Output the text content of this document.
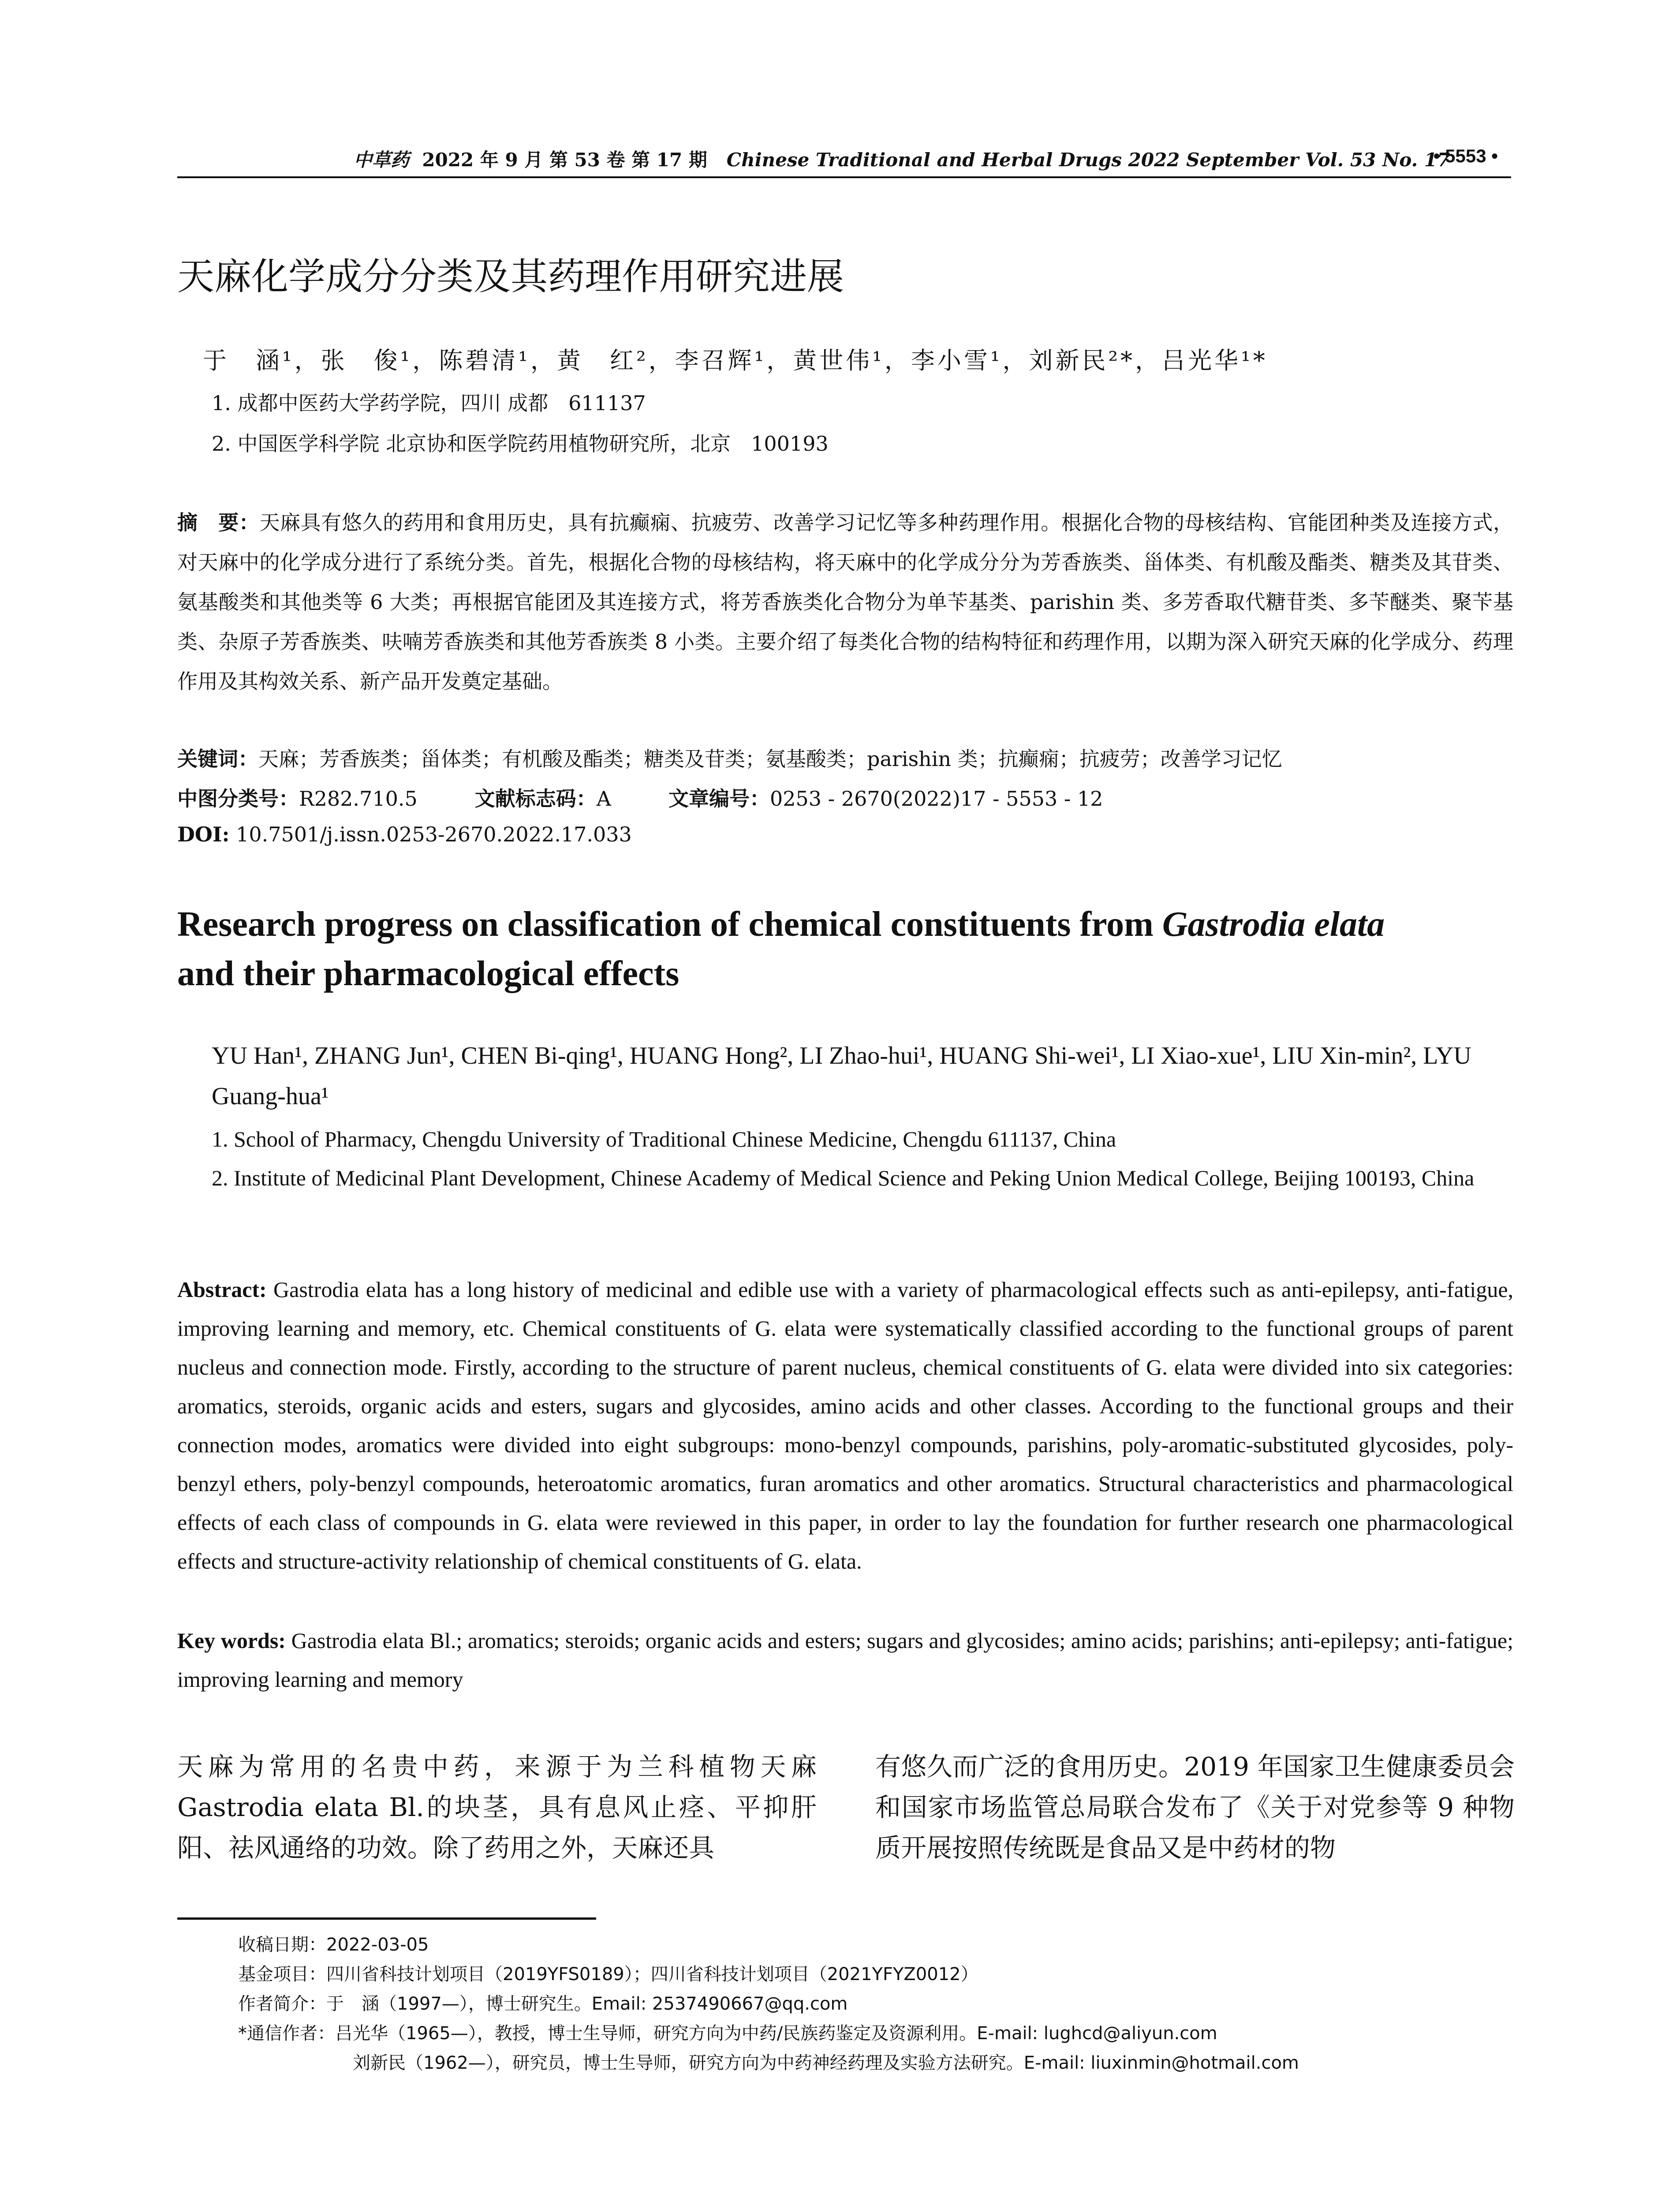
中草药 2022 年 9 月 第 53 卷 第 17 期 Chinese Traditional and Herbal Drugs 2022 September Vol. 53 No. 17
• 5553 •
天麻化学成分分类及其药理作用研究进展
于　涵¹，张　俊¹，陈碧清¹，黄　红²，李召辉¹，黄世伟¹，李小雪¹，刘新民²*，吕光华¹*
1. 成都中医药大学药学院，四川 成都　611137
2. 中国医学科学院 北京协和医学院药用植物研究所，北京　100193
摘　要：天麻具有悠久的药用和食用历史，具有抗癫痫、抗疲劳、改善学习记忆等多种药理作用。根据化合物的母核结构、官能团种类及连接方式，对天麻中的化学成分进行了系统分类。首先，根据化合物的母核结构，将天麻中的化学成分分为芳香族类、甾体类、有机酸及酯类、糖类及其苷类、氨基酸类和其他类等 6 大类；再根据官能团及其连接方式，将芳香族类化合物分为单苄基类、parishin 类、多芳香取代糖苷类、多苄醚类、聚苄基类、杂原子芳香族类、呋喃芳香族类和其他芳香族类 8 小类。主要介绍了每类化合物的结构特征和药理作用，以期为深入研究天麻的化学成分、药理作用及其构效关系、新产品开发奠定基础。
关键词：天麻；芳香族类；甾体类；有机酸及酯类；糖类及苷类；氨基酸类；parishin 类；抗癫痫；抗疲劳；改善学习记忆
中图分类号：R282.710.5	文献标志码：A	文章编号：0253 - 2670(2022)17 - 5553 - 12
DOI: 10.7501/j.issn.0253-2670.2022.17.033
Research progress on classification of chemical constituents from Gastrodia elata
and their pharmacological effects
YU Han¹, ZHANG Jun¹, CHEN Bi-qing¹, HUANG Hong², LI Zhao-hui¹, HUANG Shi-wei¹, LI Xiao-xue¹, LIU Xin-min², LYU Guang-hua¹
1. School of Pharmacy, Chengdu University of Traditional Chinese Medicine, Chengdu 611137, China
2. Institute of Medicinal Plant Development, Chinese Academy of Medical Science and Peking Union Medical College, Beijing 100193, China
Abstract: Gastrodia elata has a long history of medicinal and edible use with a variety of pharmacological effects such as anti-epilepsy, anti-fatigue, improving learning and memory, etc. Chemical constituents of G. elata were systematically classified according to the functional groups of parent nucleus and connection mode. Firstly, according to the structure of parent nucleus, chemical constituents of G. elata were divided into six categories: aromatics, steroids, organic acids and esters, sugars and glycosides, amino acids and other classes. According to the functional groups and their connection modes, aromatics were divided into eight subgroups: mono-benzyl compounds, parishins, poly-aromatic-substituted glycosides, poly-benzyl ethers, poly-benzyl compounds, heteroatomic aromatics, furan aromatics and other aromatics. Structural characteristics and pharmacological effects of each class of compounds in G. elata were reviewed in this paper, in order to lay the foundation for further research one pharmacological effects and structure-activity relationship of chemical constituents of G. elata.
Key words: Gastrodia elata Bl.; aromatics; steroids; organic acids and esters; sugars and glycosides; amino acids; parishins; anti-epilepsy; anti-fatigue; improving learning and memory
天麻为常用的名贵中药，来源于为兰科植物天麻 Gastrodia elata Bl.的块茎，具有息风止痉、平抑肝阳、祛风通络的功效。除了药用之外，天麻还具
有悠久而广泛的食用历史。2019 年国家卫生健康委员会和国家市场监管总局联合发布了《关于对党参等 9 种物质开展按照传统既是食品又是中药材的物
收稿日期：2022-03-05
基金项目：四川省科技计划项目（2019YFS0189）；四川省科技计划项目（2021YFYZ0012）
作者简介：于　涵（1997—），博士研究生。Email: 2537490667@qq.com
*通信作者：吕光华（1965—），教授，博士生导师，研究方向为中药/民族药鉴定及资源利用。E-mail: lughcd@aliyun.com
刘新民（1962—），研究员，博士生导师，研究方向为中药神经药理及实验方法研究。E-mail: liuxinmin@hotmail.com
